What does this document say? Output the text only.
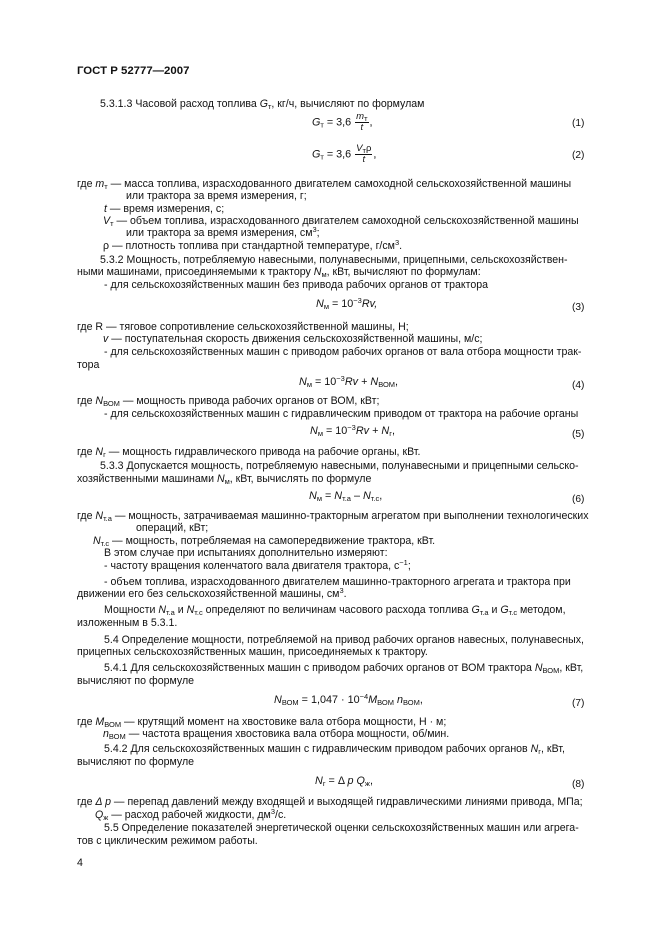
ГОСТ Р 52777—2007
5.3.1.3 Часовой расход топлива $G_т$, кг/ч, вычисляют по формулам
$G_т = 3,6 \frac{m_т}{t}$ ,	(1)
$G_т = 3,6 \frac{V_т\rho}{t}$ ,	(2)
где $m_т$ — масса топлива, израсходованного двигателем самоходной сельскохозяйственной машины
или трактора за время измерения, г;
t — время измерения, с;
$V_т$ — объем топлива, израсходованного двигателем самоходной сельскохозяйственной машины
или трактора за время измерения, $см^3$;
ρ — плотность топлива при стандартной температуре, $г/см^3$.
5.3.2 Мощность, потребляемую навесными, полунавесными, прицепными, сельскохозяйствен-
ными машинами, присоединяемыми к трактору $N_м$, кВт, вычисляют по формулам:
- для сельскохозяйственных машин без привода рабочих органов от трактора
$N_м = 10^{-3}Rv$,	(3)
где R — тяговое сопротивление сельскохозяйственной машины, Н;
v — поступательная скорость движения сельскохозяйственной машины, м/с;
- для сельскохозяйственных машин с приводом рабочих органов от вала отбора мощности трак-
тора
$N_м = 10^{-3}Rv + N_{ВОМ}$,	(4)
где $N_{ВОМ}$ — мощность привода рабочих органов от ВОМ, кВт;
- для сельскохозяйственных машин с гидравлическим приводом от трактора на рабочие органы
$N_м = 10^{-3}Rv + N_г$,	(5)
где $N_г$ — мощность гидравлического привода на рабочие органы, кВт.
5.3.3 Допускается мощность, потребляемую навесными, полунавесными и прицепными сельско-
хозяйственными машинами $N_м$, кВт, вычислять по формуле
$N_м = N_{т.а} - N_{т.с}$,	(6)
где $N_{т.а}$ — мощность, затрачиваемая машинно-тракторным агрегатом при выполнении технологических
операций, кВт;
$N_{т.с}$ — мощность, потребляемая на самопередвижение трактора, кВт.
В этом случае при испытаниях дополнительно измеряют:
- частоту вращения коленчатого вала двигателя трактора, $с^{-1}$;
- объем топлива, израсходованного двигателем машинно-тракторного агрегата и трактора при
движении его без сельскохозяйственной машины, $см^3$.
Мощности $N_{т.а}$ и $N_{т.с}$ определяют по величинам часового расхода топлива $G_{т.а}$ и $G_{т.с}$ методом,
изложенным в 5.3.1.
5.4 Определение мощности, потребляемой на привод рабочих органов навесных, полунавесных,
прицепных сельскохозяйственных машин, присоединяемых к трактору.
5.4.1 Для сельскохозяйственных машин с приводом рабочих органов от ВОМ трактора $N_{ВОМ}$, кВт,
вычисляют по формуле
$N_{ВОМ} = 1,047 \cdot 10^{-4}M_{ВОМ}$ $n_{ВОМ}$,	(7)
где $M_{ВОМ}$ — крутящий момент на хвостовике вала отбора мощности, Н · м;
$n_{ВОМ}$ — частота вращения хвостовика вала отбора мощности, об/мин.
5.4.2 Для сельскохозяйственных машин с гидравлическим приводом рабочих органов $N_г$, кВт,
вычисляют по формуле
$N_г = \Delta$ p $Q_ж$,	(8)
где Δ p — перепад давлений между входящей и выходящей гидравлическими линиями привода, МПа;
$Q_ж$ — расход рабочей жидкости, $дм^3/с$.
5.5 Определение показателей энергетической оценки сельскохозяйственных машин или агрега-
тов с циклическим режимом работы.
4
